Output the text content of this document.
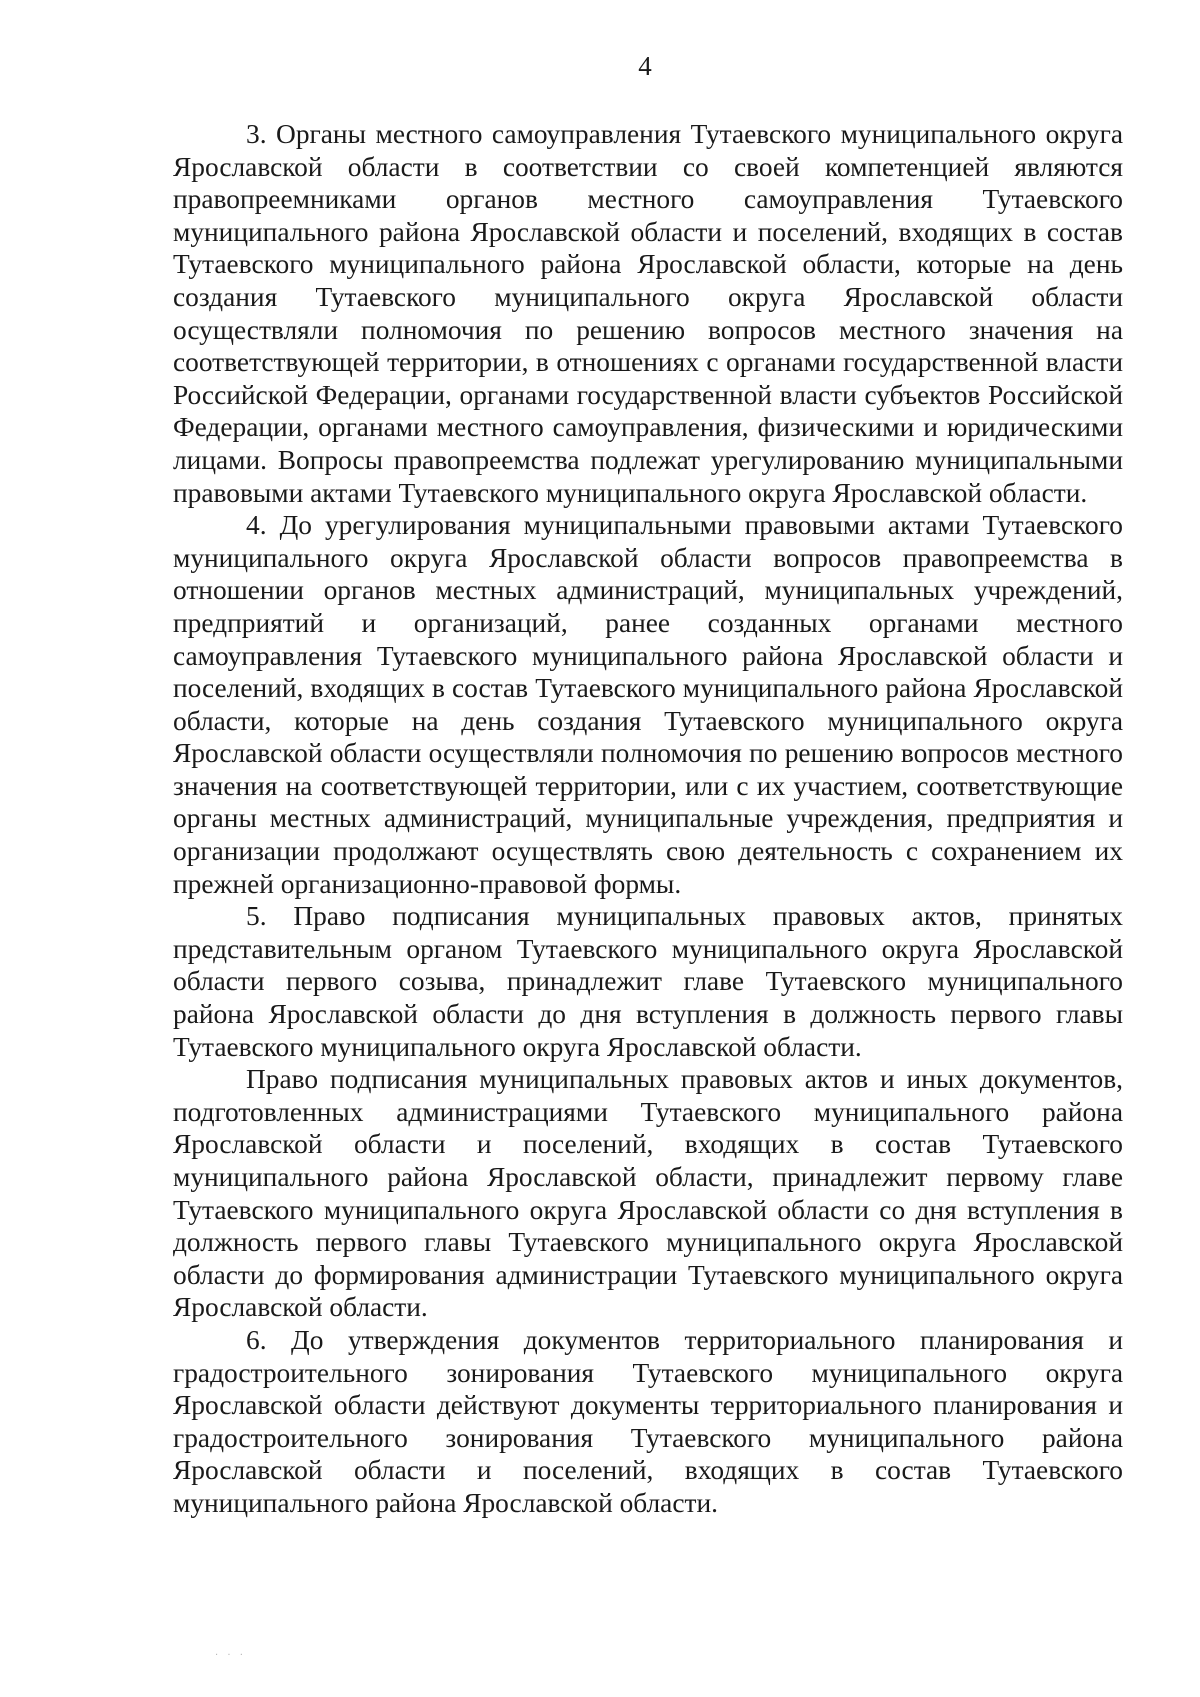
4

3. Органы местного самоуправления Тутаевского муниципального округа Ярославской области в соответствии со своей компетенцией являются правопреемниками органов местного самоуправления Тутаевского муниципального района Ярославской области и поселений, входящих в состав Тутаевского муниципального района Ярославской области, которые на день создания Тутаевского муниципального округа Ярославской области осуществляли полномочия по решению вопросов местного значения на соответствующей территории, в отношениях с органами государственной власти Российской Федерации, органами государственной власти субъектов Российской Федерации, органами местного самоуправления, физическими и юридическими лицами. Вопросы правопреемства подлежат урегулированию муниципальными правовыми актами Тутаевского муниципального округа Ярославской области.

4. До урегулирования муниципальными правовыми актами Тутаевского муниципального округа Ярославской области вопросов правопреемства в отношении органов местных администраций, муниципальных учреждений, предприятий и организаций, ранее созданных органами местного самоуправления Тутаевского муниципального района Ярославской области и поселений, входящих в состав Тутаевского муниципального района Ярославской области, которые на день создания Тутаевского муниципального округа Ярославской области осуществляли полномочия по решению вопросов местного значения на соответствующей территории, или с их участием, соответствующие органы местных администраций, муниципальные учреждения, предприятия и организации продолжают осуществлять свою деятельность с сохранением их прежней организационно-правовой формы.

5. Право подписания муниципальных правовых актов, принятых представительным органом Тутаевского муниципального округа Ярославской области первого созыва, принадлежит главе Тутаевского муниципального района Ярославской области до дня вступления в должность первого главы Тутаевского муниципального округа Ярославской области.

Право подписания муниципальных правовых актов и иных документов, подготовленных администрациями Тутаевского муниципального района Ярославской области и поселений, входящих в состав Тутаевского муниципального района Ярославской области, принадлежит первому главе Тутаевского муниципального округа Ярославской области со дня вступления в должность первого главы Тутаевского муниципального округа Ярославской области до формирования администрации Тутаевского муниципального округа Ярославской области.

6. До утверждения документов территориального планирования и градостроительного зонирования Тутаевского муниципального округа Ярославской области действуют документы территориального планирования и градостроительного зонирования Тутаевского муниципального района Ярославской области и поселений, входящих в состав Тутаевского муниципального района Ярославской области.

· · ·
